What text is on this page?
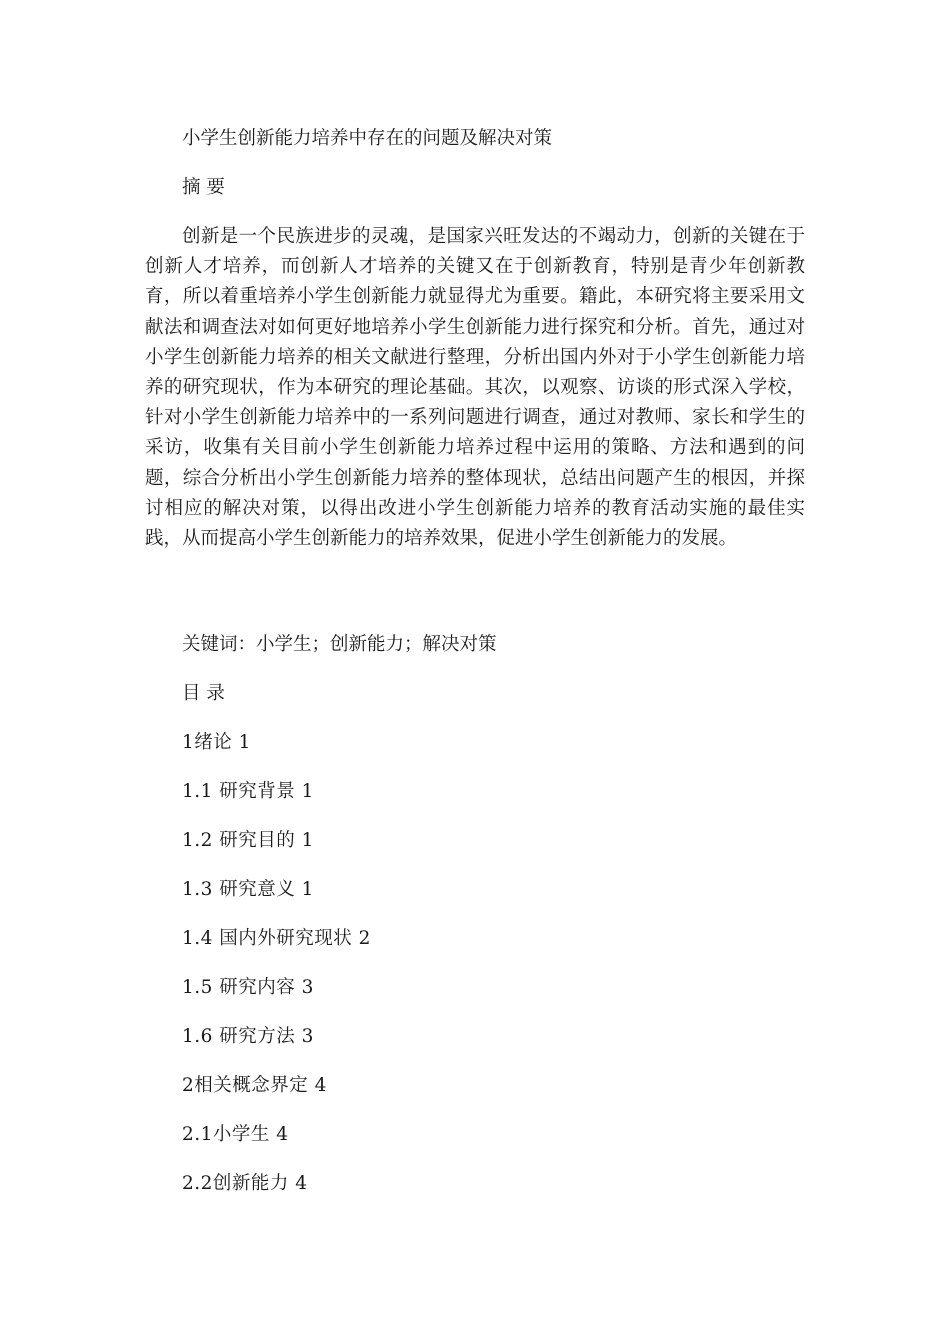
小学生创新能力培养中存在的问题及解决对策
摘 要

创新是一个民族进步的灵魂，是国家兴旺发达的不竭动力，创新的关键在于创新人才培养，而创新人才培养的关键又在于创新教育，特别是青少年创新教育，所以着重培养小学生创新能力就显得尤为重要。籍此，本研究将主要采用文献法和调查法对如何更好地培养小学生创新能力进行探究和分析。首先，通过对小学生创新能力培养的相关文献进行整理，分析出国内外对于小学生创新能力培养的研究现状，作为本研究的理论基础。其次，以观察、访谈的形式深入学校，针对小学生创新能力培养中的一系列问题进行调查，通过对教师、家长和学生的采访，收集有关目前小学生创新能力培养过程中运用的策略、方法和遇到的问题，综合分析出小学生创新能力培养的整体现状，总结出问题产生的根因，并探讨相应的解决对策，以得出改进小学生创新能力培养的教育活动实施的最佳实践，从而提高小学生创新能力的培养效果，促进小学生创新能力的发展。

关键词：小学生；创新能力；解决对策
目 录
1绪论 1
1.1 研究背景 1
1.2 研究目的 1
1.3 研究意义 1
1.4 国内外研究现状 2
1.5 研究内容 3
1.6 研究方法 3
2相关概念界定 4
2.1小学生 4
2.2创新能力 4
